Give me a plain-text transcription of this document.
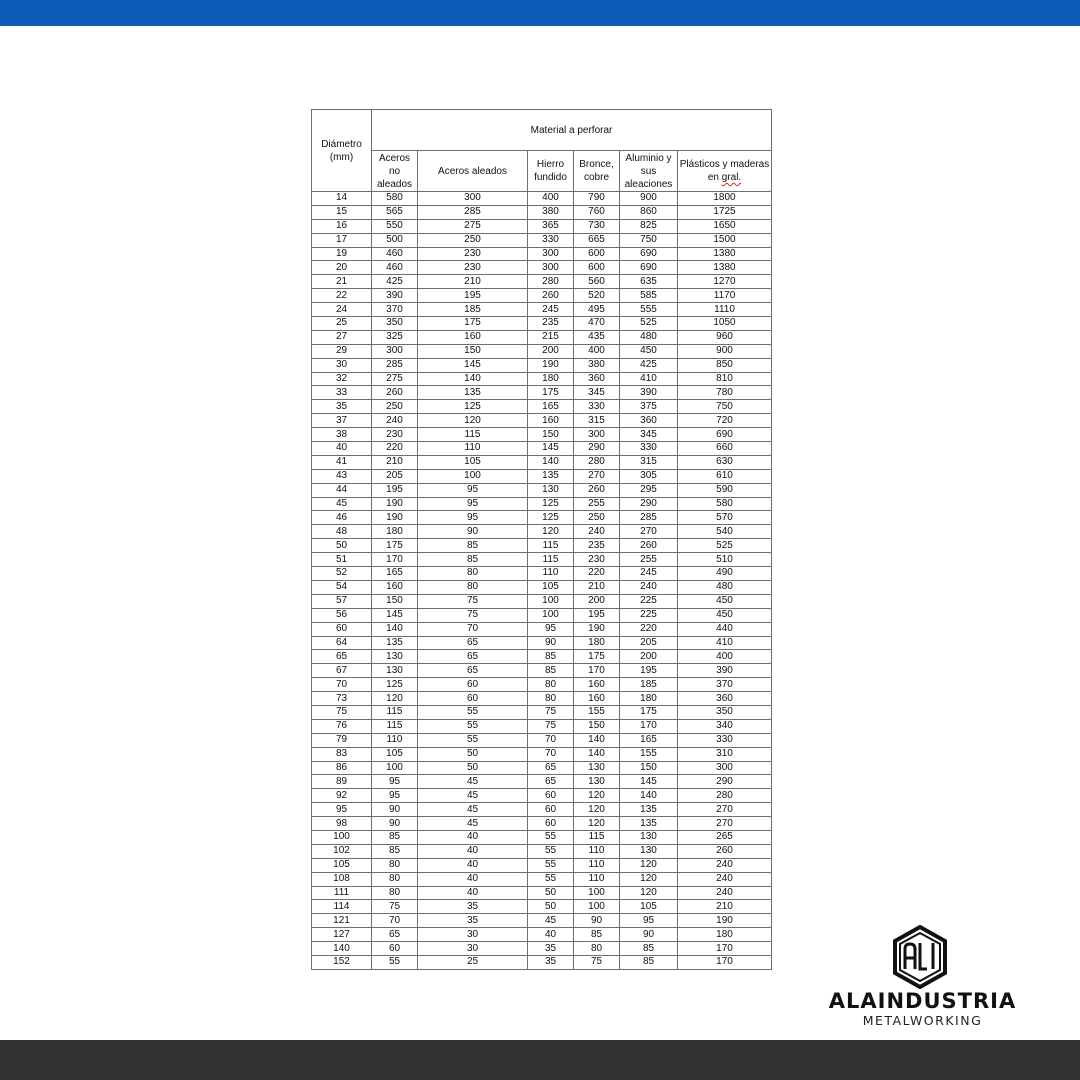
Diámetro (mm)	Material a perforar					
	Aceros no aleados	Aceros aleados	Hierro fundido	Bronce, cobre	Aluminio y sus aleaciones	Plásticos y maderas en gral.
14	580	300	400	790	900	1800
15	565	285	380	760	860	1725
16	550	275	365	730	825	1650
17	500	250	330	665	750	1500
19	460	230	300	600	690	1380
20	460	230	300	600	690	1380
21	425	210	280	560	635	1270
22	390	195	260	520	585	1170
24	370	185	245	495	555	1110
25	350	175	235	470	525	1050
27	325	160	215	435	480	960
29	300	150	200	400	450	900
30	285	145	190	380	425	850
32	275	140	180	360	410	810
33	260	135	175	345	390	780
35	250	125	165	330	375	750
37	240	120	160	315	360	720
38	230	115	150	300	345	690
40	220	110	145	290	330	660
41	210	105	140	280	315	630
43	205	100	135	270	305	610
44	195	95	130	260	295	590
45	190	95	125	255	290	580
46	190	95	125	250	285	570
48	180	90	120	240	270	540
50	175	85	115	235	260	525
51	170	85	115	230	255	510
52	165	80	110	220	245	490
54	160	80	105	210	240	480
57	150	75	100	200	225	450
56	145	75	100	195	225	450
60	140	70	95	190	220	440
64	135	65	90	180	205	410
65	130	65	85	175	200	400
67	130	65	85	170	195	390
70	125	60	80	160	185	370
73	120	60	80	160	180	360
75	115	55	75	155	175	350
76	115	55	75	150	170	340
79	110	55	70	140	165	330
83	105	50	70	140	155	310
86	100	50	65	130	150	300
89	95	45	65	130	145	290
92	95	45	60	120	140	280
95	90	45	60	120	135	270
98	90	45	60	120	135	270
100	85	40	55	115	130	265
102	85	40	55	110	130	260
105	80	40	55	110	120	240
108	80	40	55	110	120	240
111	80	40	50	100	120	240
114	75	35	50	100	105	210
121	70	35	45	90	95	190
127	65	30	40	85	90	180
140	60	30	35	80	85	170
152	55	25	35	75	85	170
ALAINDUSTRIA
METALWORKING
